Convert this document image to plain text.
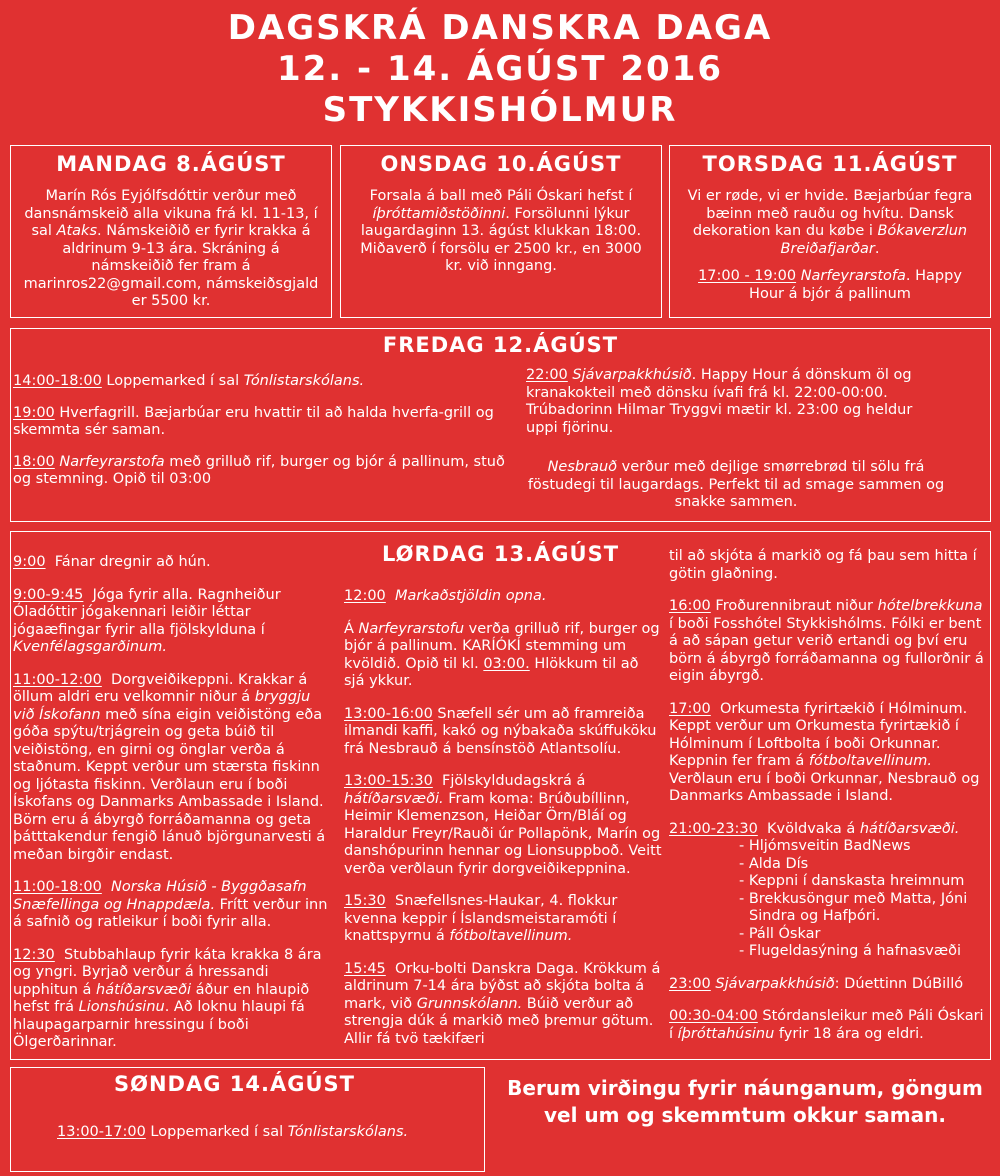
DAGSKRÁ DANSKRA DAGA
12. - 14. ÁGÚST 2016
STYKKISHÓLMUR
MANDAG 8.ÁGÚST

Marín Rós Eyjólfsdóttir verður með dansnámskeið alla vikuna frá kl. 11-13, í sal Ataks. Námskeiðið er fyrir krakka á aldrinum 9-13 ára. Skráning á námskeiðið fer fram á marinros22@gmail.com, námskeiðsgjald er 5500 kr.

ONSDAG 10.ÁGÚST

Forsala á ball með Páli Óskari hefst í íþróttamiðstöðinni. Forsölunni lýkur laugardaginn 13. ágúst klukkan 18:00. Miðaverð í forsölu er 2500 kr., en 3000 kr. við inngang.

TORSDAG 11.ÁGÚST

Vi er røde, vi er hvide. Bæjarbúar fegra bæinn með rauðu og hvítu. Dansk dekoration kan du købe i Bókaverzlun Breiðafjarðar.

17:00 - 19:00 Narfeyrarstofa. Happy Hour á bjór á pallinum

FREDAG 12.ÁGÚST

14:00-18:00 Loppemarked í sal Tónlistarskólans.

19:00 Hverfagrill. Bæjarbúar eru hvattir til að halda hverfa-grill og skemmta sér saman.

18:00 Narfeyrarstofa með grilluð rif, burger og bjór á pallinum, stuð og stemning. Opið til 03:00

22:00 Sjávarpakkhúsið. Happy Hour á dönskum öl og kranakokteil með dönsku ívafi frá kl. 22:00-00:00. Trúbadorinn Hilmar Tryggvi mætir kl. 23:00 og heldur uppi fjörinu.

Nesbrauð verður með dejlige smørrebrød til sölu frá föstudegi til laugardags. Perfekt til ad smage sammen og snakke sammen.

LØRDAG 13.ÁGÚST

9:00 Fánar dregnir að hún.

9:00-9:45 Jóga fyrir alla. Ragnheiður Óladóttir jógakennari leiðir léttar jógaæfingar fyrir alla fjölskylduna í Kvenfélagsgarðinum.

11:00-12:00 Dorgveiðikeppni. Krakkar á öllum aldri eru velkomnir niður á bryggju við Ískofann með sína eigin veiðistöng eða góða spýtu/trjágrein og geta búið til veiðistöng, en girni og önglar verða á staðnum. Keppt verður um stærsta fiskinn og ljótasta fiskinn. Verðlaun eru í boði Ískofans og Danmarks Ambassade i Island. Börn eru á ábyrgð forráðamanna og geta þátttakendur fengið lánuð björgunarvesti á meðan birgðir endast.

11:00-18:00 Norska Húsið - Byggðasafn Snæfellinga og Hnappdæla. Frítt verður inn á safnið og ratleikur í boði fyrir alla.

12:30 Stubbahlaup fyrir káta krakka 8 ára og yngri. Byrjað verður á hressandi upphitun á hátíðarsvæði áður en hlaupið hefst frá Lionshúsinu. Að loknu hlaupi fá hlaupagarparnir hressingu í boði Ölgerðarinnar.

12:00 Markaðstjöldin opna.

Á Narfeyrarstofu verða grilluð rif, burger og bjór á pallinum. KARÍÓKÍ stemming um kvöldið. Opið til kl. 03:00. Hlökkum til að sjá ykkur.

13:00-16:00 Snæfell sér um að framreiða ilmandi kaffi, kakó og nýbakaða skúffuköku frá Nesbrauð á bensínstöð Atlantsolíu.

13:00-15:30 Fjölskyldudagskrá á hátíðarsvæði. Fram koma: Brúðubíllinn, Heimir Klemenzson, Heiðar Örn/Bláí og Haraldur Freyr/Rauði úr Pollapönk, Marín og danshópurinn hennar og Lionsuppboð. Veitt verða verðlaun fyrir dorgveiðikeppnina.

15:30 Snæfellsnes-Haukar, 4. flokkur kvenna keppir í Íslandsmeistaramóti í knattspyrnu á fótboltavellinum.

15:45 Orku-bolti Danskra Daga. Krökkum á aldrinum 7-14 ára býðst að skjóta bolta á mark, við Grunnskólann. Búið verður að strengja dúk á markið með þremur götum. Allir fá tvö tækifæri

til að skjóta á markið og fá þau sem hitta í götin glaðning.

16:00 Froðurennibraut niður hótelbrekkuna í boði Fosshótel Stykkishólms. Fólki er bent á að sápan getur verið ertandi og því eru börn á ábyrgð forráðamanna og fullorðnir á eigin ábyrgð.

17:00 Orkumesta fyrirtækið í Hólminum. Keppt verður um Orkumesta fyrirtækið í Hólminum í Loftbolta í boði Orkunnar. Keppnin fer fram á fótboltavellinum. Verðlaun eru í boði Orkunnar, Nesbrauð og Danmarks Ambassade i Island.

21:00-23:30 Kvöldvaka á hátíðarsvæði.

- Hljómsveitin BadNews
- Alda Dís
- Keppni í danskasta hreimnum
- Brekkusöngur með Matta, Jóni Sindra og Hafþóri.
- Páll Óskar
- Flugeldasýning á hafnasvæði

23:00 Sjávarpakkhúsið: Dúettinn DúBilló

00:30-04:00 Stórdansleikur með Páli Óskari í íþróttahúsinu fyrir 18 ára og eldri.

SØNDAG 14.ÁGÚST

13:00-17:00 Loppemarked í sal Tónlistarskólans.

Berum virðingu fyrir náunganum, göngum vel um og skemmtum okkur saman.
